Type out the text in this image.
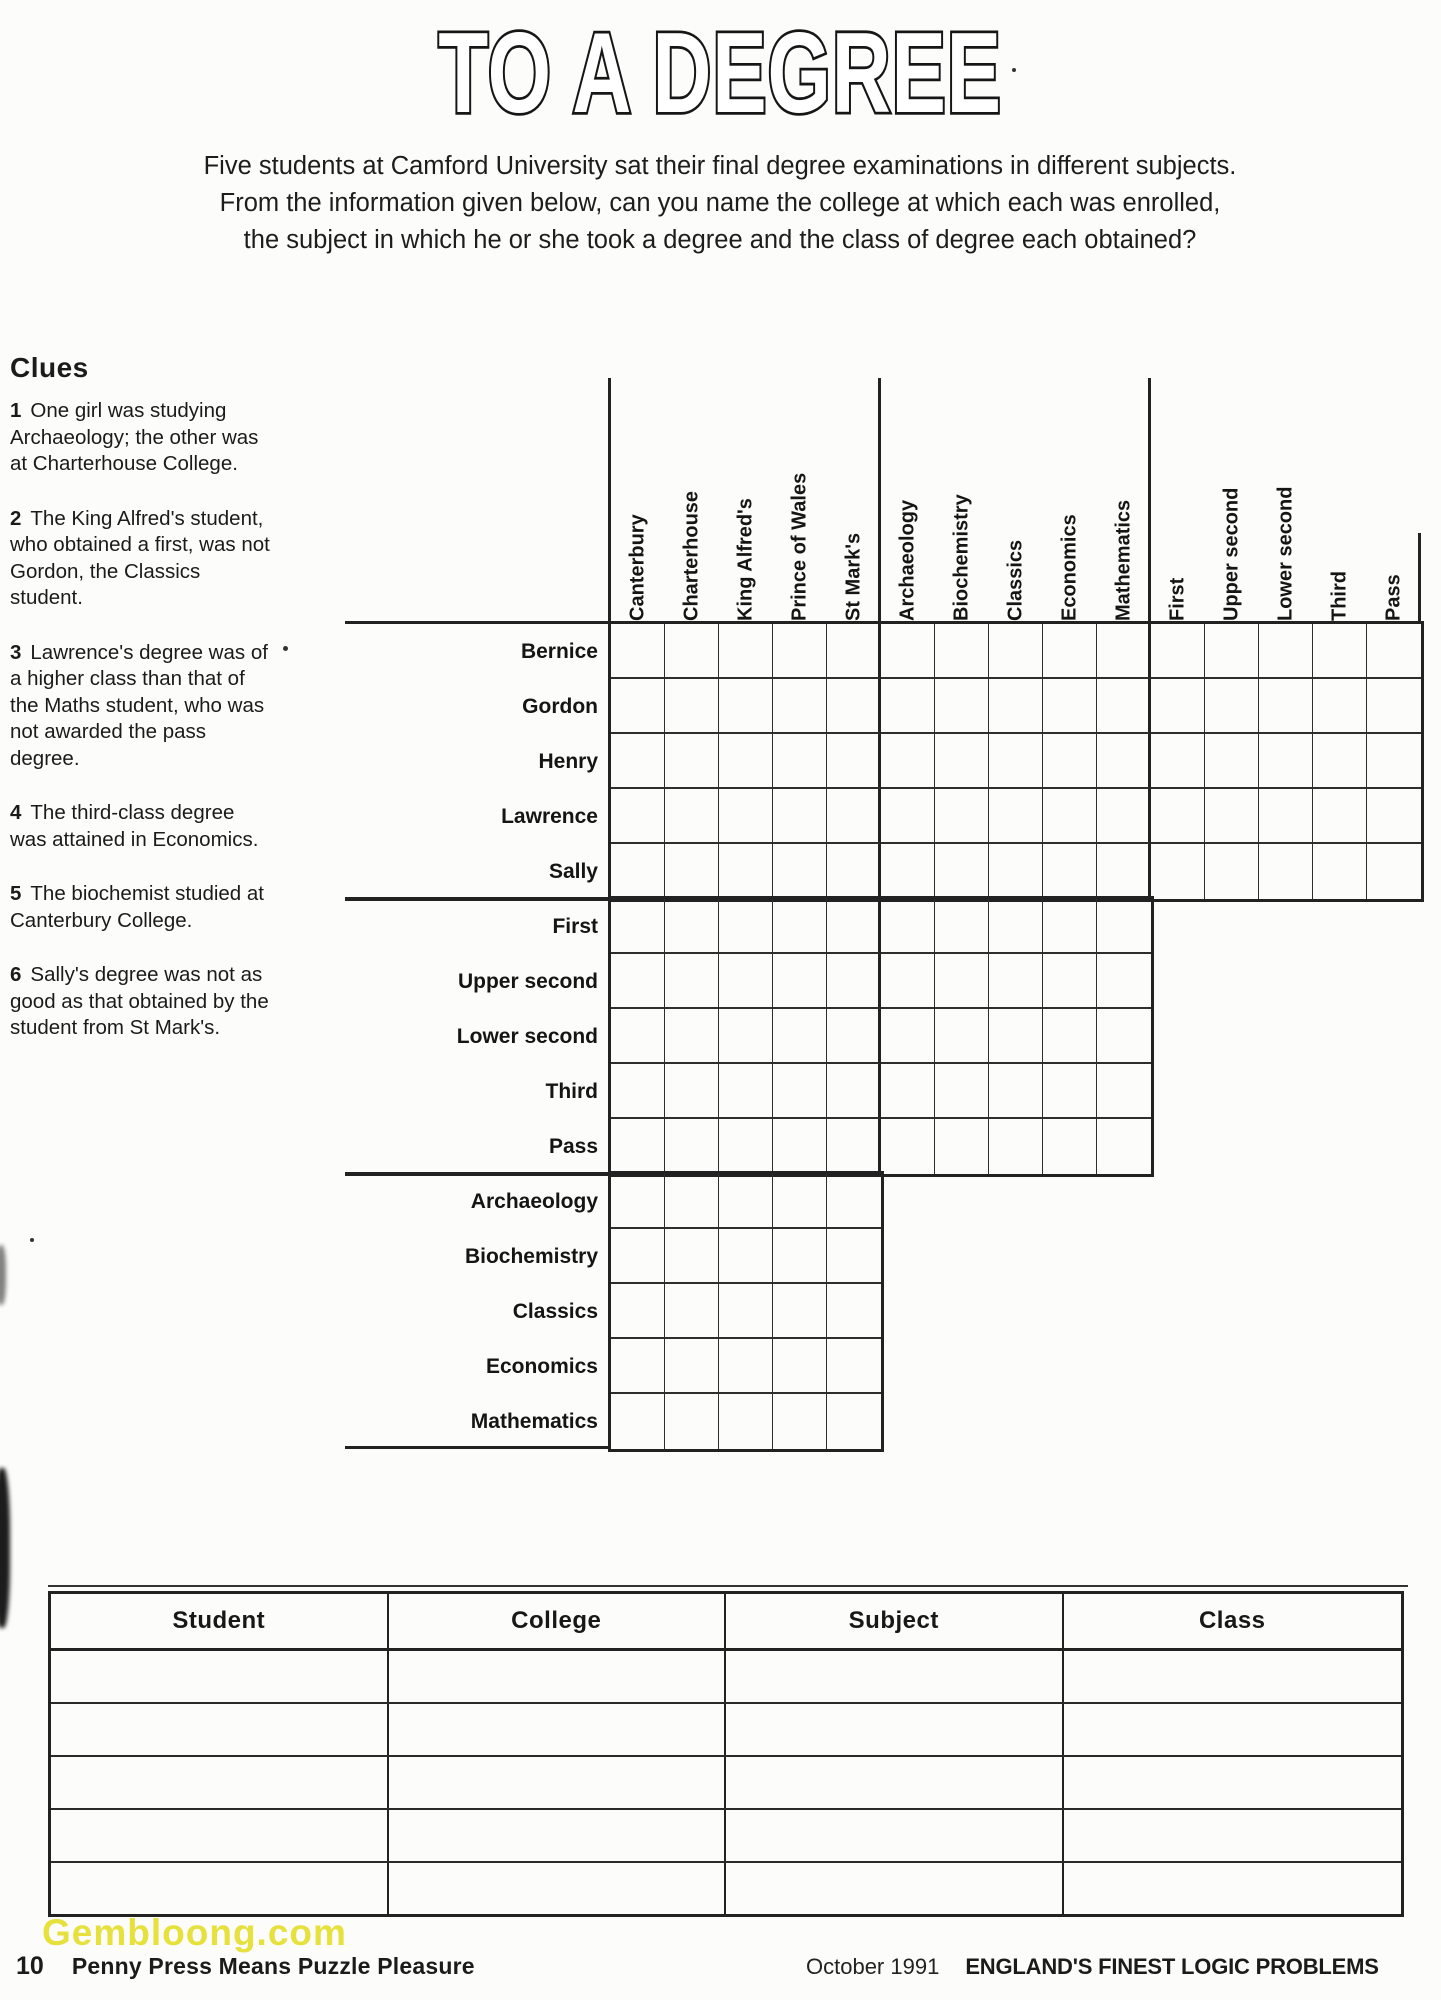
TO A DEGREE
Five students at Camford University sat their final degree examinations in different subjects.
From the information given below, can you name the college at which each was enrolled,
the subject in which he or she took a degree and the class of degree each obtained?
Clues

1 One girl was studying Archaeology; the other was at Charterhouse College.

2 The King Alfred's student, who obtained a first, was not Gordon, the Classics student.

3 Lawrence's degree was of a higher class than that of the Maths student, who was not awarded the pass degree.

4 The third-class degree was attained in Economics.

5 The biochemist studied at Canterbury College.

6 Sally's degree was not as good as that obtained by the student from St Mark's.

Canterbury	Charterhouse	King Alfred's	Prince of Wales	St Mark's	Archaeology	Biochemistry	Classics	Economics	Mathematics	First	Upper second	Lower second	Third	Pass
Bernice
Gordon
Henry
Lawrence
Sally
First
Upper second
Lower second
Third
Pass
Archaeology
Biochemistry
Classics
Economics
Mathematics
Student	College	Subject	Class
Gembloong.com
10 Penny Press Means Puzzle Pleasure	October 1991 ENGLAND'S FINEST LOGIC PROBLEMS
